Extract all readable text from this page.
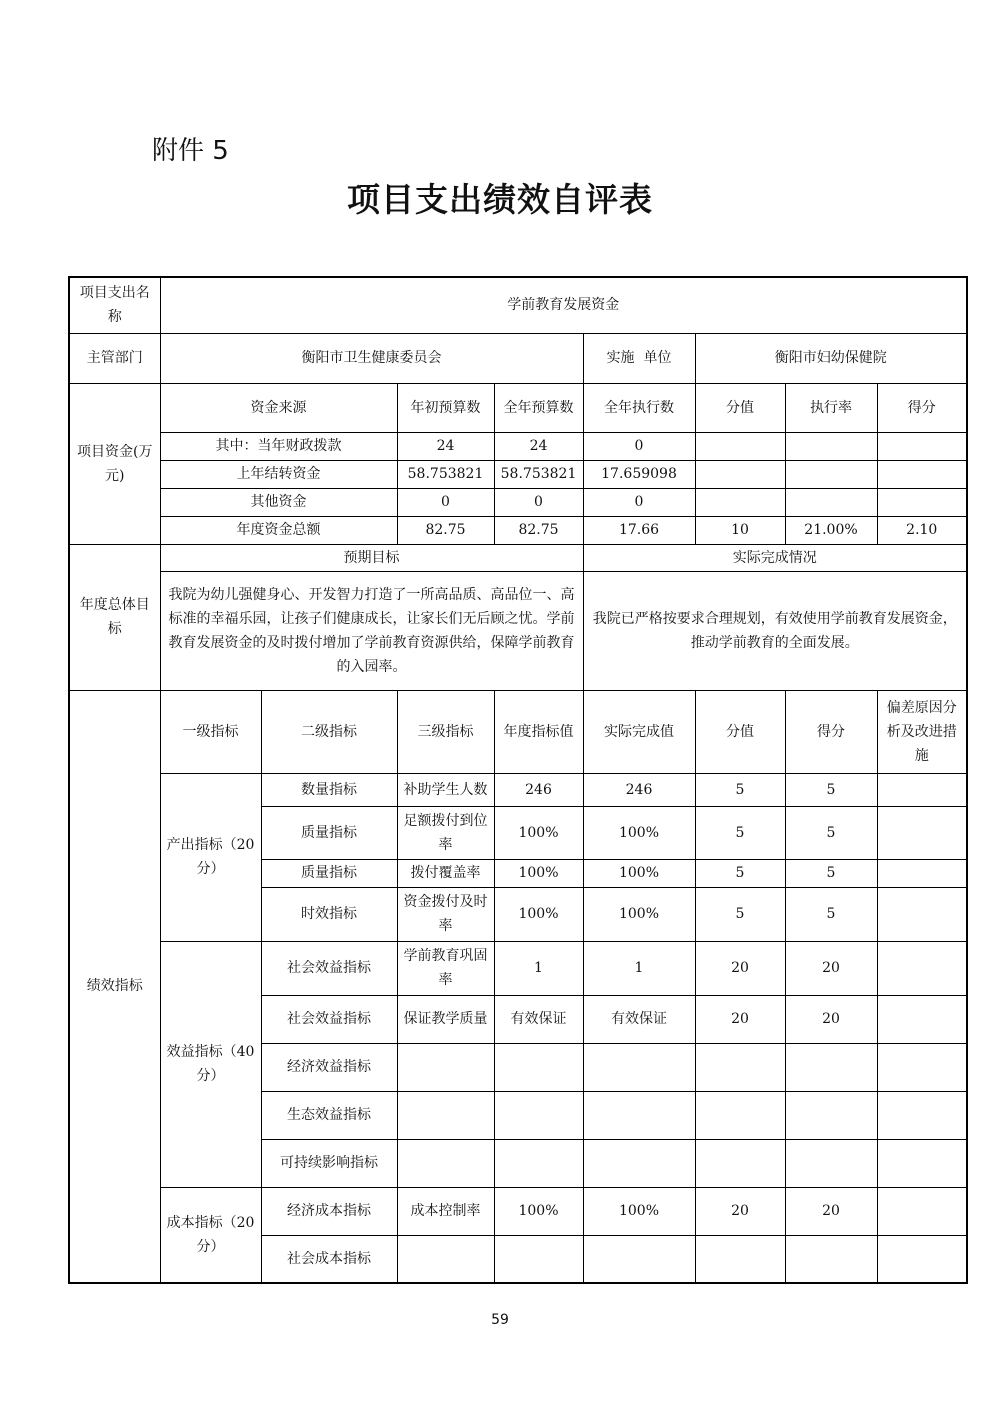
附件 5
项目支出绩效自评表
项目支出名称	学前教育发展资金							
主管部门	衡阳市卫生健康委员会				实施  单位	衡阳市妇幼保健院		
项目资金(万元)	资金来源		年初预算数	全年预算数	全年执行数	分值	执行率	得分
	其中：当年财政拨款		24	24	0			
	上年结转资金		58.753821	58.753821	17.659098			
	其他资金		0	0	0			
	年度资金总额		82.75	82.75	17.66	10	21.00%	2.10
年度总体目标	预期目标				实际完成情况			
	我院为幼儿强健身心、开发智力打造了一所高品质、高品位一、高标准的幸福乐园，让孩子们健康成长，让家长们无后顾之忧。学前教育发展资金的及时拨付增加了学前教育资源供给，保障学前教育的入园率。				我院已严格按要求合理规划，有效使用学前教育发展资金，推动学前教育的全面发展。			
绩效指标	一级指标	二级指标	三级指标	年度指标值	实际完成值	分值	得分	偏差原因分析及改进措施
	产出指标（20分）	数量指标	补助学生人数	246	246	5	5	
		质量指标	足额拨付到位率	100%	100%	5	5	
		质量指标	拨付覆盖率	100%	100%	5	5	
		时效指标	资金拨付及时率	100%	100%	5	5	
	效益指标（40分）	社会效益指标	学前教育巩固率	1	1	20	20	
		社会效益指标	保证教学质量	有效保证	有效保证	20	20	
		经济效益指标						
		生态效益指标						
		可持续影响指标						
	成本指标（20分）	经济成本指标	成本控制率	100%	100%	20	20	
		社会成本指标						
59
